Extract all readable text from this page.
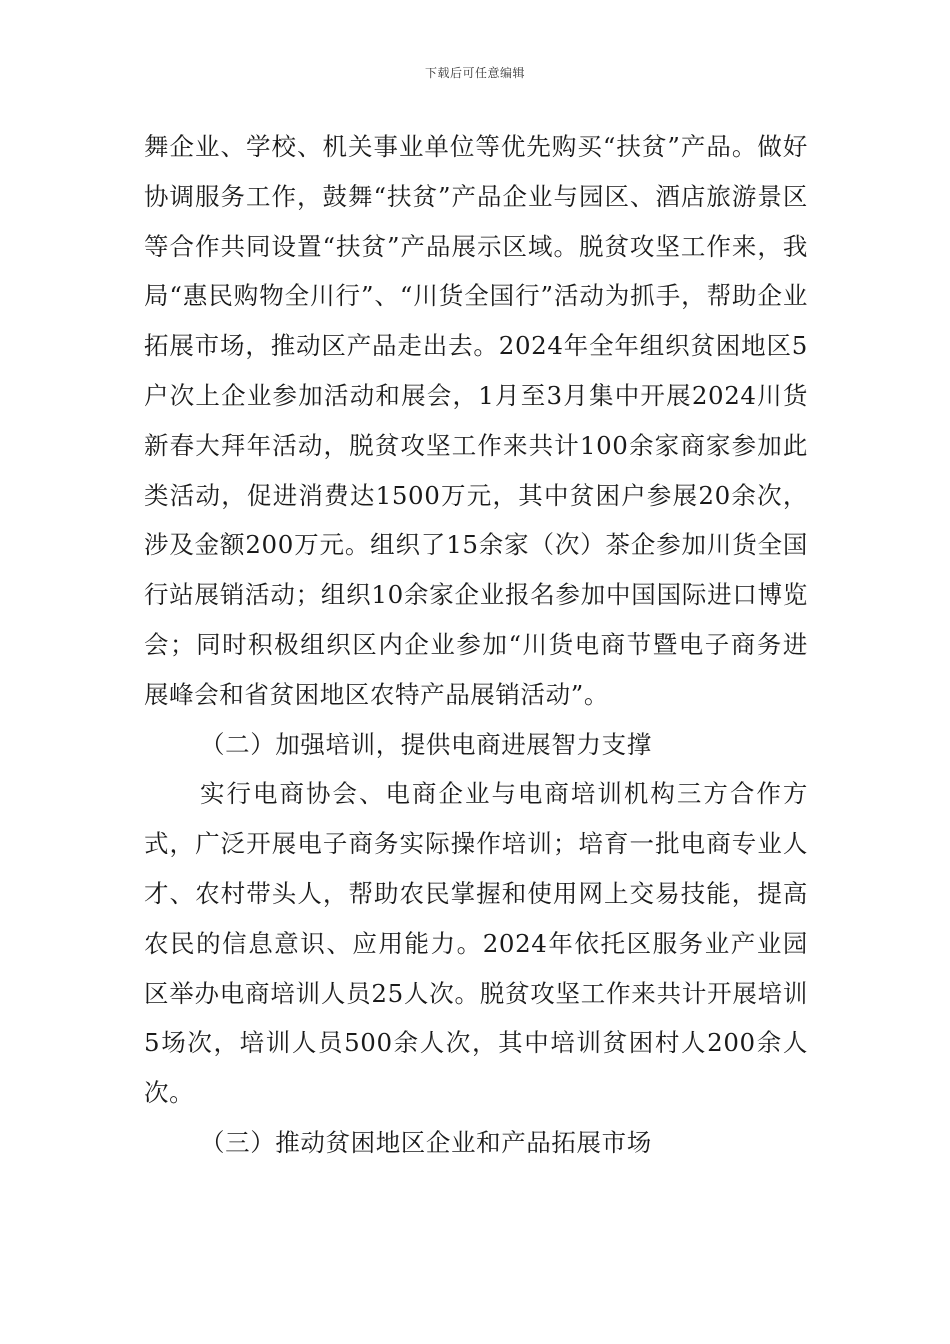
下载后可任意编辑

舞企业、学校、机关事业单位等优先购买“扶贫”产品。做好协调服务工作，鼓舞“扶贫”产品企业与园区、酒店旅游景区等合作共同设置“扶贫”产品展示区域。脱贫攻坚工作来，我局“惠民购物全川行”、“川货全国行”活动为抓手，帮助企业拓展市场，推动区产品走出去。2024年全年组织贫困地区5户次上企业参加活动和展会，1月至3月集中开展2024川货新春大拜年活动，脱贫攻坚工作来共计100余家商家参加此类活动，促进消费达1500万元，其中贫困户参展20余次，涉及金额200万元。组织了15余家（次）茶企参加川货全国行站展销活动；组织10余家企业报名参加中国国际进口博览会；同时积极组织区内企业参加“川货电商节暨电子商务进展峰会和省贫困地区农特产品展销活动”。

（二）加强培训，提供电商进展智力支撑

实行电商协会、电商企业与电商培训机构三方合作方式，广泛开展电子商务实际操作培训；培育一批电商专业人才、农村带头人，帮助农民掌握和使用网上交易技能，提高农民的信息意识、应用能力。2024年依托区服务业产业园区举办电商培训人员25人次。脱贫攻坚工作来共计开展培训5场次，培训人员500余人次，其中培训贫困村人200余人次。

（三）推动贫困地区企业和产品拓展市场
